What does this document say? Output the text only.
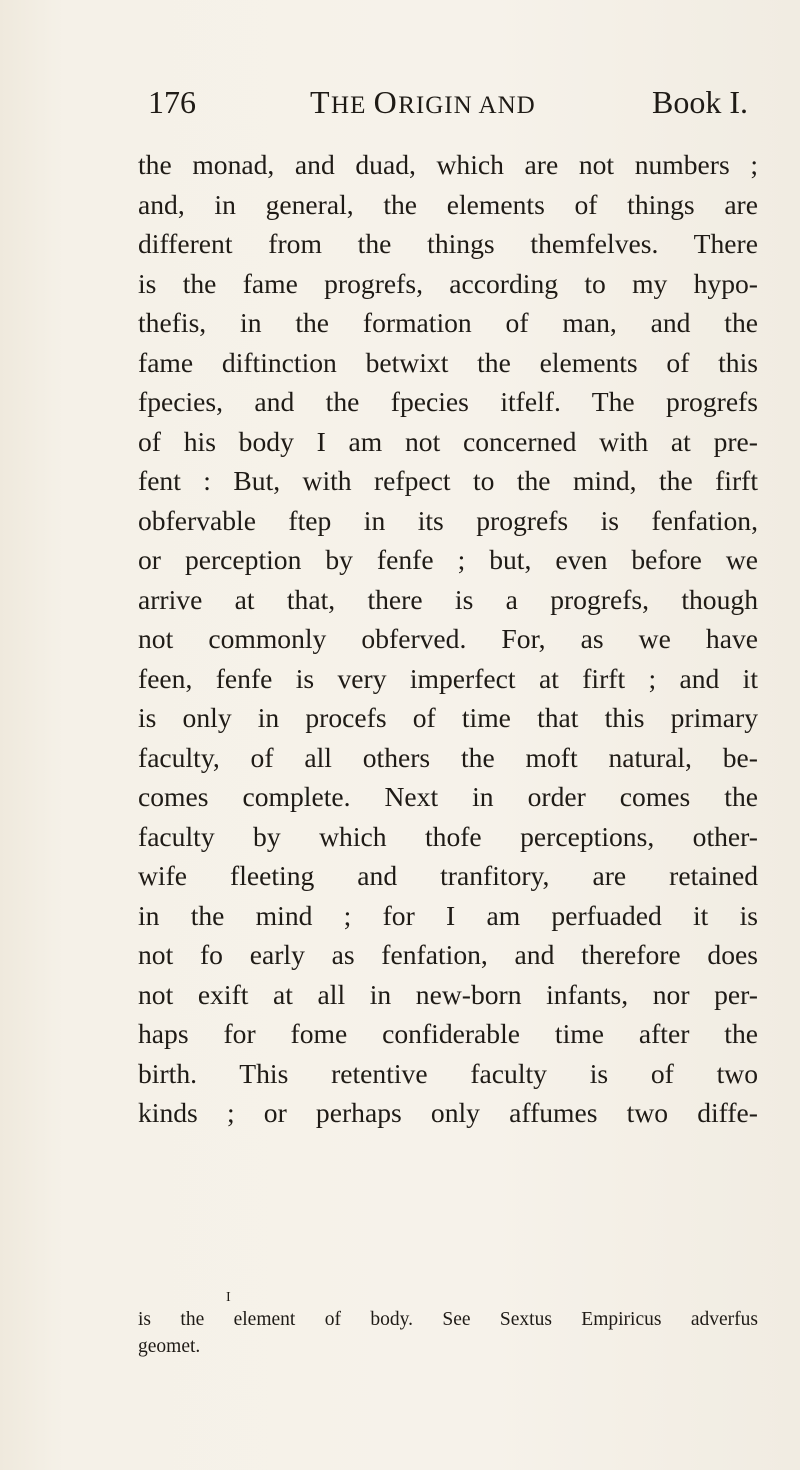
176	THE ORIGIN AND	Book I.
the monad, and duad, which are not numbers ;
and, in general, the elements of things are
different from the things themfelves. There
is the fame progrefs, according to my hypo-
thefis, in the formation of man, and the
fame diftinction betwixt the elements of this
fpecies, and the fpecies itfelf. The progrefs
of his body I am not concerned with at pre-
fent : But, with refpect to the mind, the firft
obfervable ftep in its progrefs is fenfation,
or perception by fenfe ; but, even before we
arrive at that, there is a progrefs, though
not commonly obferved. For, as we have
feen, fenfe is very imperfect at firft ; and it
is only in procefs of time that this primary
faculty, of all others the moft natural, be-
comes complete. Next in order comes the
faculty by which thofe perceptions, other-
wife fleeting and tranfitory, are retained
in the mind ; for I am perfuaded it is
not fo early as fenfation, and therefore does
not exift at all in new-born infants, nor per-
haps for fome confiderable time after the
birth. This retentive faculty is of two
kinds ; or perhaps only affumes two diffe-
I
is the element of body. See Sextus Empiricus adverfus
geomet.
